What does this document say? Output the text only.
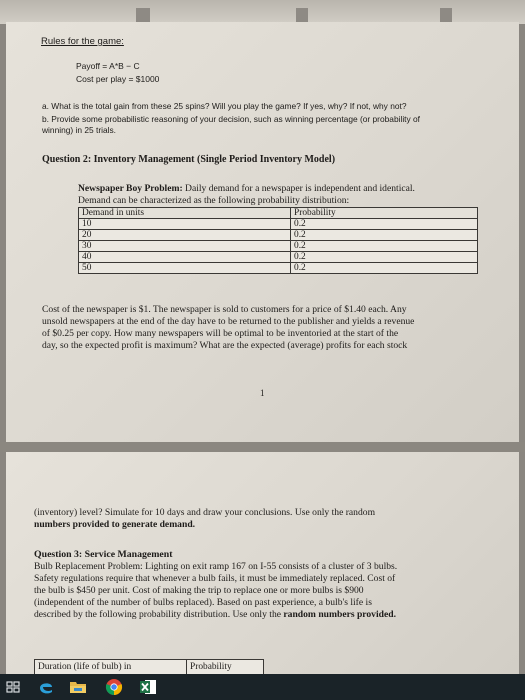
Rules for the game:
Payoff = A*B − C
Cost per play = $1000
a. What is the total gain from these 25 spins? Will you play the game? If yes, why? If not, why not?
b. Provide some probabilistic reasoning of your decision, such as winning percentage (or probability of
winning) in 25 trials.
Question 2: Inventory Management (Single Period Inventory Model)
Newspaper Boy Problem: Daily demand for a newspaper is independent and identical.
Demand can be characterized as the following probability distribution:
Demand in units	Probability
10	0.2
20	0.2
30	0.2
40	0.2
50	0.2
Cost of the newspaper is $1. The newspaper is sold to customers for a price of $1.40 each. Any
unsold newspapers at the end of the day have to be returned to the publisher and yields a revenue
of $0.25 per copy. How many newspapers will be optimal to be inventoried at the start of the
day, so the expected profit is maximum? What are the expected (average) profits for each stock
1
(inventory) level? Simulate for 10 days and draw your conclusions. Use only the random
numbers provided to generate demand.
Question 3: Service Management
Bulb Replacement Problem: Lighting on exit ramp 167 on I-55 consists of a cluster of 3 bulbs.
Safety regulations require that whenever a bulb fails, it must be immediately replaced. Cost of
the bulb is $450 per unit. Cost of making the trip to replace one or more bulbs is $900
(independent of the number of bulbs replaced). Based on past experience, a bulb's life is
described by the following probability distribution. Use only the random numbers provided.
Duration (life of bulb) in	Probability
